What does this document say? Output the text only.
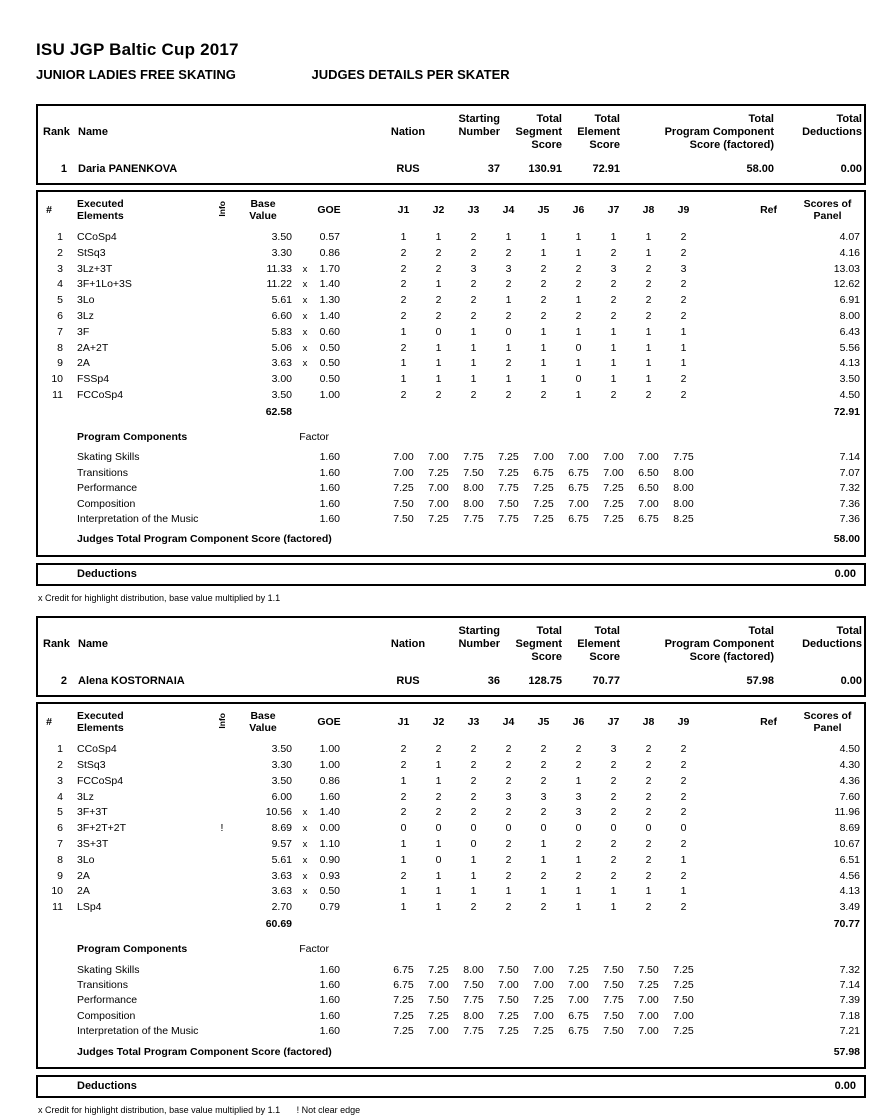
ISU JGP Baltic Cup 2017
JUNIOR LADIES FREE SKATING	JUDGES DETAILS PER SKATER
			Starting	Total	Total	Total	Total
Rank	Name	Nation	Number	Segment	Element	Program Component	Deductions
				Score	Score	Score (factored)	
1	Daria PANENKOVA	RUS	37	130.91	72.91	58.00	0.00
#	Executed
Elements	Info	Base
Value		GOE		J1	J2	J3	J4	J5	J6	J7	J8	J9	Ref	Scores of
Panel

1	CCoSp4		3.50		0.57		1	1	2	1	1	1	1	1	2		4.07
2	StSq3		3.30		0.86		2	2	2	2	1	1	2	1	2		4.16
3	3Lz+3T		11.33	x	1.70		2	2	3	3	2	2	3	2	3		13.03
4	3F+1Lo+3S		11.22	x	1.40		2	1	2	2	2	2	2	2	2		12.62
5	3Lo		5.61	x	1.30		2	2	2	1	2	1	2	2	2		6.91
6	3Lz		6.60	x	1.40		2	2	2	2	2	2	2	2	2		8.00
7	3F		5.83	x	0.60		1	0	1	0	1	1	1	1	1		6.43
8	2A+2T		5.06	x	0.50		2	1	1	1	1	0	1	1	1		5.56
9	2A		3.63	x	0.50		1	1	1	2	1	1	1	1	1		4.13
10	FSSp4		3.00		0.50		1	1	1	1	1	0	1	1	2		3.50
11	FCCoSp4		3.50		1.00		2	2	2	2	2	1	2	2	2		4.50
			62.58														72.91
	Program Components		Factor														
	Skating Skills		1.60				7.00	7.00	7.75	7.25	7.00	7.00	7.00	7.00	7.75		7.14
	Transitions		1.60				7.00	7.25	7.50	7.25	6.75	6.75	7.00	6.50	8.00		7.07
	Performance		1.60				7.25	7.00	8.00	7.75	7.25	6.75	7.25	6.50	8.00		7.32
	Composition		1.60				7.50	7.00	8.00	7.50	7.25	7.00	7.25	7.00	8.00		7.36
	Interpretation of the Music		1.60				7.50	7.25	7.75	7.75	7.25	6.75	7.25	6.75	8.25		7.36
	Judges Total Program Component Score (factored)																58.00
Deductions	0.00
x Credit for highlight distribution, base value multiplied by 1.1
			Starting	Total	Total	Total	Total
Rank	Name	Nation	Number	Segment	Element	Program Component	Deductions
				Score	Score	Score (factored)	
2	Alena KOSTORNAIA	RUS	36	128.75	70.77	57.98	0.00
#	Executed
Elements	Info	Base
Value		GOE		J1	J2	J3	J4	J5	J6	J7	J8	J9	Ref	Scores of
Panel

1	CCoSp4		3.50		1.00		2	2	2	2	2	2	3	2	2		4.50
2	StSq3		3.30		1.00		2	1	2	2	2	2	2	2	2		4.30
3	FCCoSp4		3.50		0.86		1	1	2	2	2	1	2	2	2		4.36
4	3Lz		6.00		1.60		2	2	2	3	3	3	2	2	2		7.60
5	3F+3T		10.56	x	1.40		2	2	2	2	2	3	2	2	2		11.96
6	3F+2T+2T	!	8.69	x	0.00		0	0	0	0	0	0	0	0	0		8.69
7	3S+3T		9.57	x	1.10		1	1	0	2	1	2	2	2	2		10.67
8	3Lo		5.61	x	0.90		1	0	1	2	1	1	2	2	1		6.51
9	2A		3.63	x	0.93		2	1	1	2	2	2	2	2	2		4.56
10	2A		3.63	x	0.50		1	1	1	1	1	1	1	1	1		4.13
11	LSp4		2.70		0.79		1	1	2	2	2	1	1	2	2		3.49
			60.69														70.77
	Program Components		Factor														
	Skating Skills		1.60				6.75	7.25	8.00	7.50	7.00	7.25	7.50	7.50	7.25		7.32
	Transitions		1.60				6.75	7.00	7.50	7.00	7.00	7.00	7.50	7.25	7.25		7.14
	Performance		1.60				7.25	7.50	7.75	7.50	7.25	7.00	7.75	7.00	7.50		7.39
	Composition		1.60				7.25	7.25	8.00	7.25	7.00	6.75	7.50	7.00	7.00		7.18
	Interpretation of the Music		1.60				7.25	7.00	7.75	7.25	7.25	6.75	7.50	7.00	7.25		7.21
	Judges Total Program Component Score (factored)																57.98
Deductions	0.00
x Credit for highlight distribution, base value multiplied by 1.1 ! Not clear edge
